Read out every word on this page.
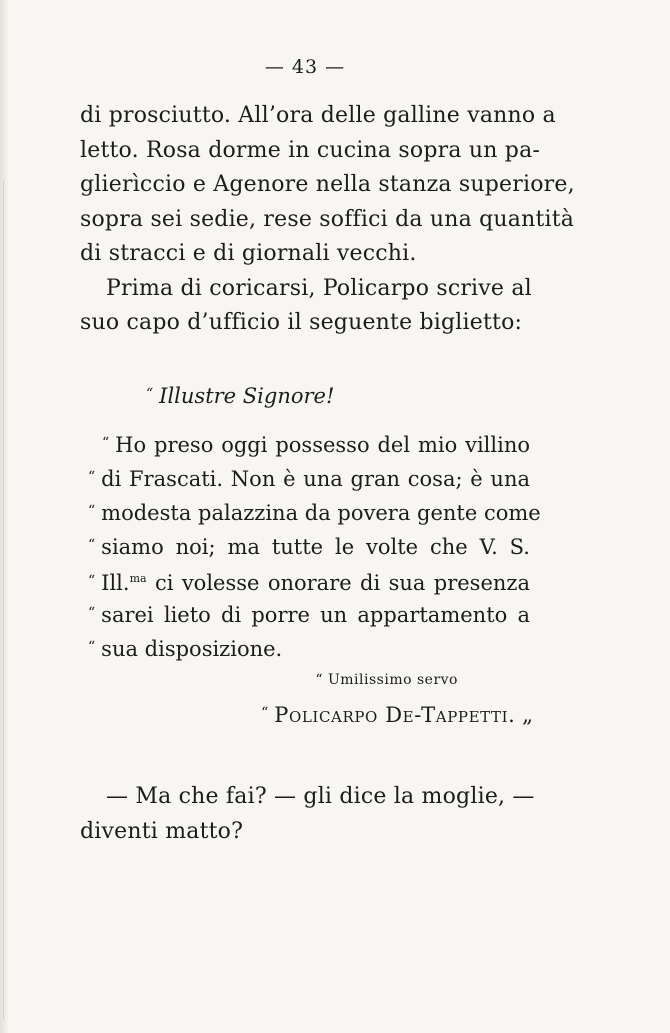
— 43 —
di prosciutto. All’ora delle galline vanno a
letto. Rosa dorme in cucina sopra un pa-
glierìccio e Agenore nella stanza superiore,
sopra sei sedie, rese soffici da una quantità
di stracci e di giornali vecchi.
Prima di coricarsi, Policarpo scrive al
suo capo d’ufficio il seguente biglietto:
“ Illustre Signore!
“ Ho preso oggi possesso del mio villino
“ di Frascati. Non è una gran cosa; è una
“ modesta palazzina da povera gente come
“ siamo noi; ma tutte le volte che V. S.
“ Ill.$^{ma}$ ci volesse onorare di sua presenza
“ sarei lieto di porre un appartamento a
“ sua disposizione.
“ Umilissimo servo
“ Policarpo De-Tappetti. „
— Ma che fai? — gli dice la moglie, —
diventi matto?
